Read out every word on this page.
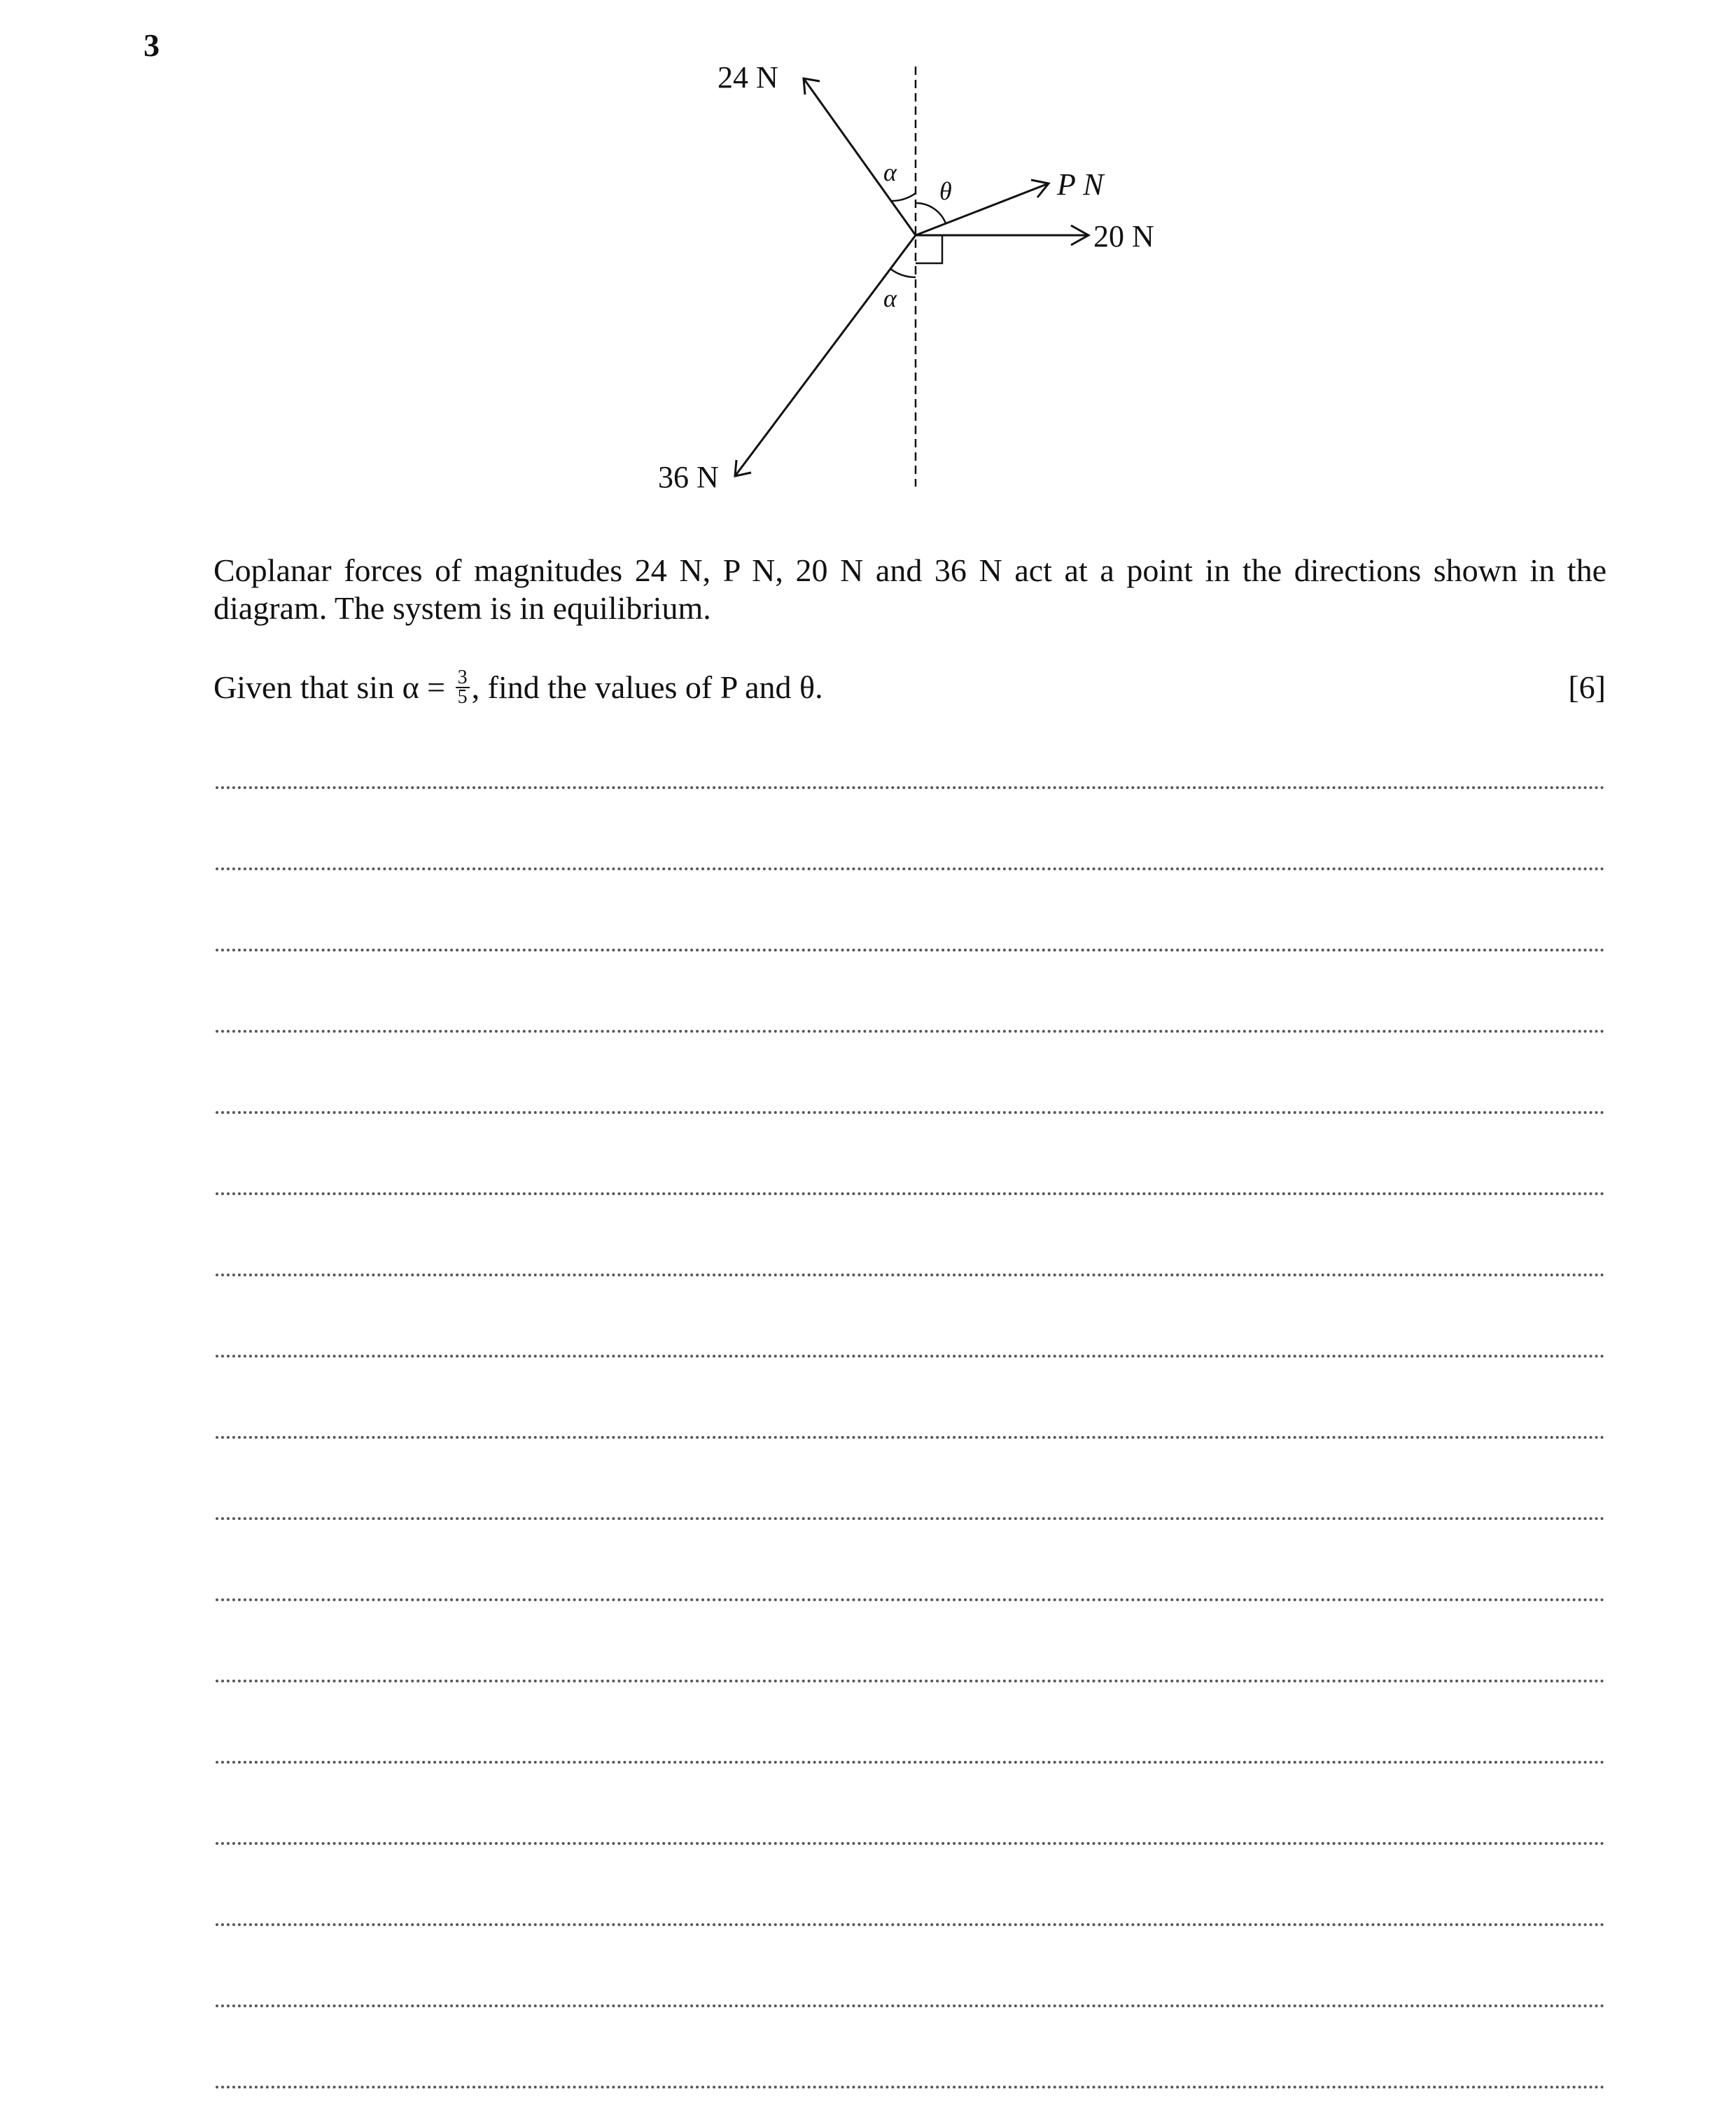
3
24 N
P N
20 N
36 N
α
θ
α
Coplanar forces of magnitudes 24 N, P N, 20 N and 36 N act at a point in the directions shown in the diagram. The system is in equilibrium.
Given that $\sin \alpha = \frac{3}{5}$ , find the values of P and θ.	[6]
